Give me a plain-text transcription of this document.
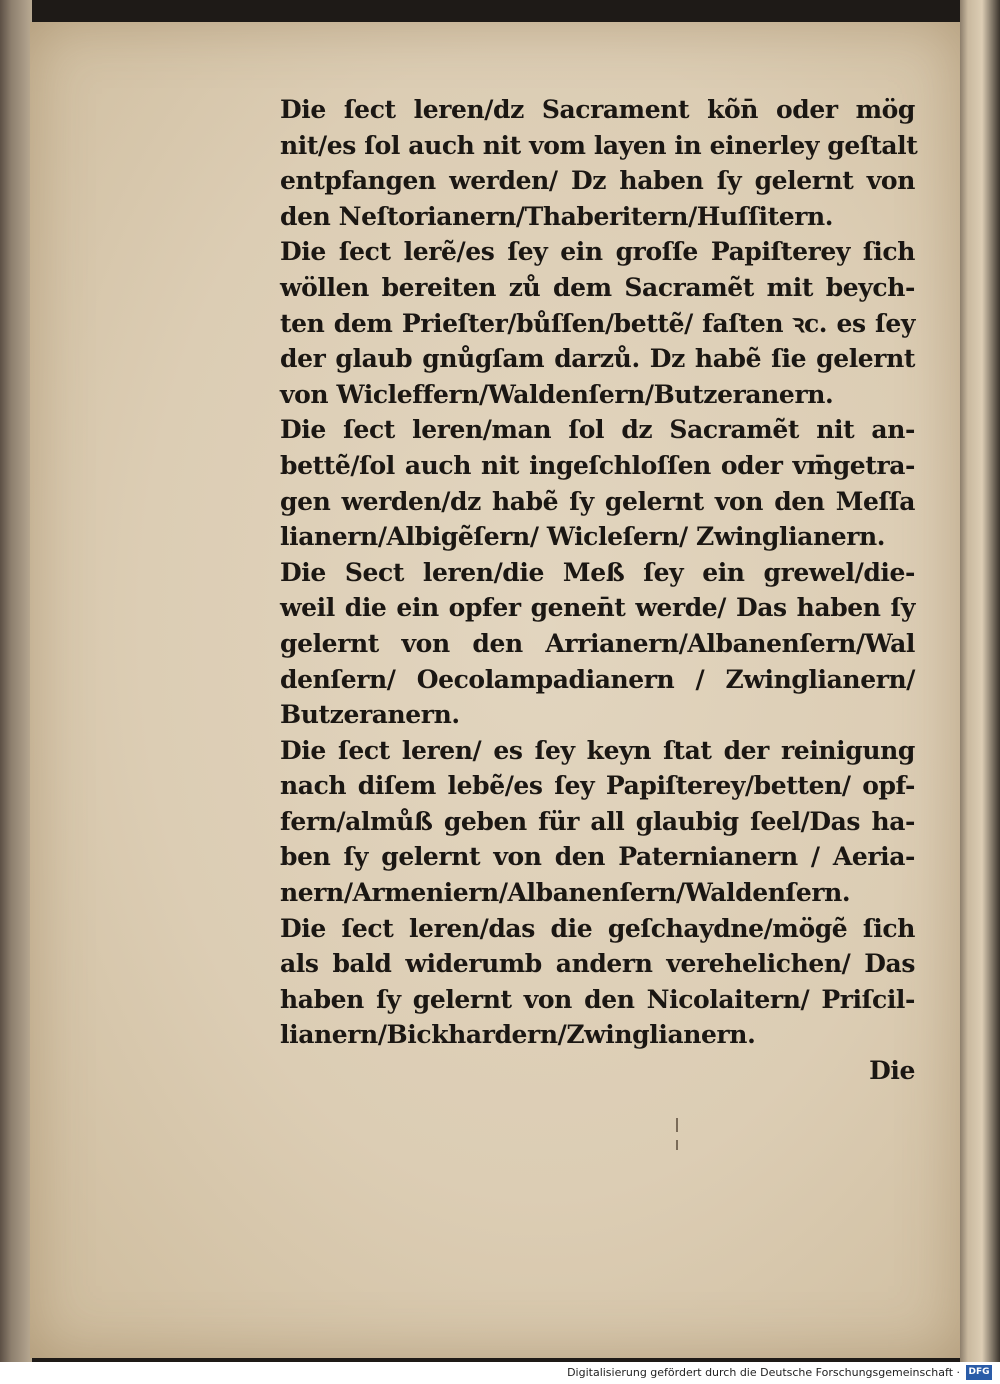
Die ſect leren/dz Sacrament kõn̄ oder mög
nit/es ſol auch nit vom layen in einerley geſtalt
entpfangen werden/ Dz haben ſy gelernt von
den Neſtorianern/Thaberitern/Huſſitern.
Die ſect lerẽ/es ſey ein groſſe Papiſterey ſich
wöllen bereiten zů dem Sacramẽt mit beych-
ten dem Prieſter/bůſſen/bettẽ/ faſten ꝛc. es ſey
der glaub gnůgſam darzů. Dz habẽ ſie gelernt
von Wicleffern/Waldenſern/Butzeranern.
Die ſect leren/man ſol dz Sacramẽt nit an-
bettẽ/ſol auch nit ingeſchloſſen oder vm̄getra-
gen werden/dz habẽ ſy gelernt von den Meſſa
lianern/Albigẽſern/ Wicleſern/ Zwinglianern.
Die Sect leren/die Meß ſey ein grewel/die-
weil die ein opfer genen̄t werde/ Das haben ſy
gelernt von den Arrianern/Albanenſern/Wal
denſern/ Oecolampadianern / Zwinglianern/
Butzeranern.
Die ſect leren/ es ſey keyn ſtat der reinigung
nach diſem lebẽ/es ſey Papiſterey/betten/ opf-
fern/almůß geben für all glaubig ſeel/Das ha-
ben ſy gelernt von den Paternianern / Aeria-
nern/Armeniern/Albanenſern/Waldenſern.
Die ſect leren/das die geſchaydne/mögẽ ſich
als bald widerumb andern verehelichen/ Das
haben ſy gelernt von den Nicolaitern/ Priſcil-
lianern/Bickhardern/Zwinglianern.
Die
Digitalisierung gefördert durch die Deutsche Forschungsgemeinschaft · DFG
